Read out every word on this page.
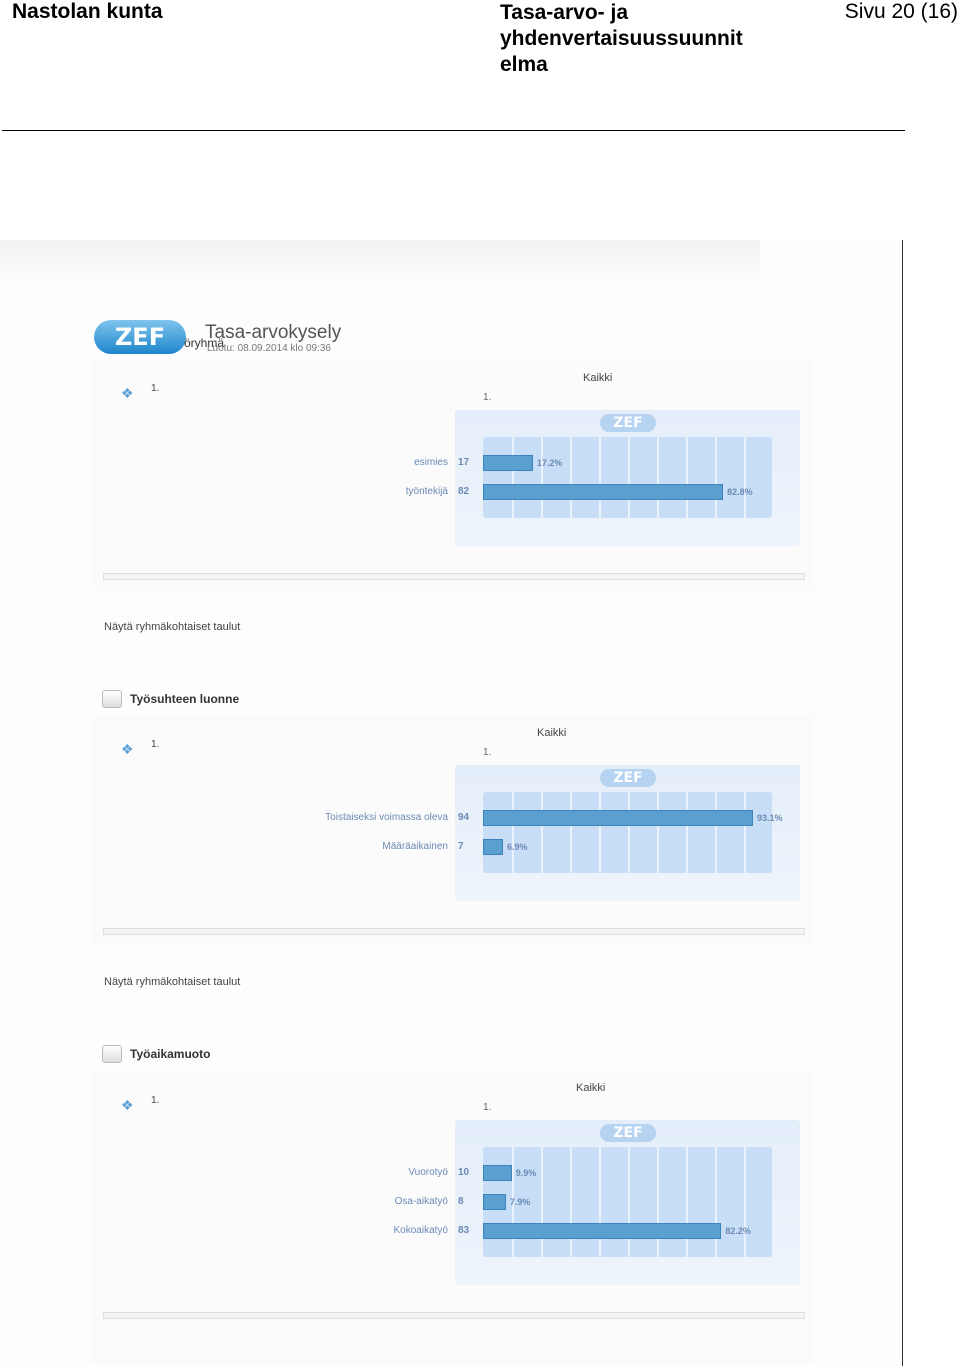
Nastolan kunta	Tasa-arvo- ja yhdenvertaisuussuunnit elma
Sivu 20 (16)
ZEF	öryhmä
Tasa-arvokysely
Luotu: 08.09.2014 klo 09:36
Työsuhteen luonne
Työaikamuoto
❖ 1.
Kaikki
1.
ZEF
Näytä ryhmäkohtaiset taulut
❖ 1.
Kaikki
1.
ZEF
Näytä ryhmäkohtaiset taulut
❖ 1.
Kaikki
1.
ZEF
esimies 17	17.2%
työntekijä 82	82.8%
Toistaiseksi voimassa oleva 94	93.1%
Määräaikainen 7	6.9%
Vuorotyö 10	9.9%
Osa-aikatyö 8	7.9%
Kokoaikatyö 83	82.2%
